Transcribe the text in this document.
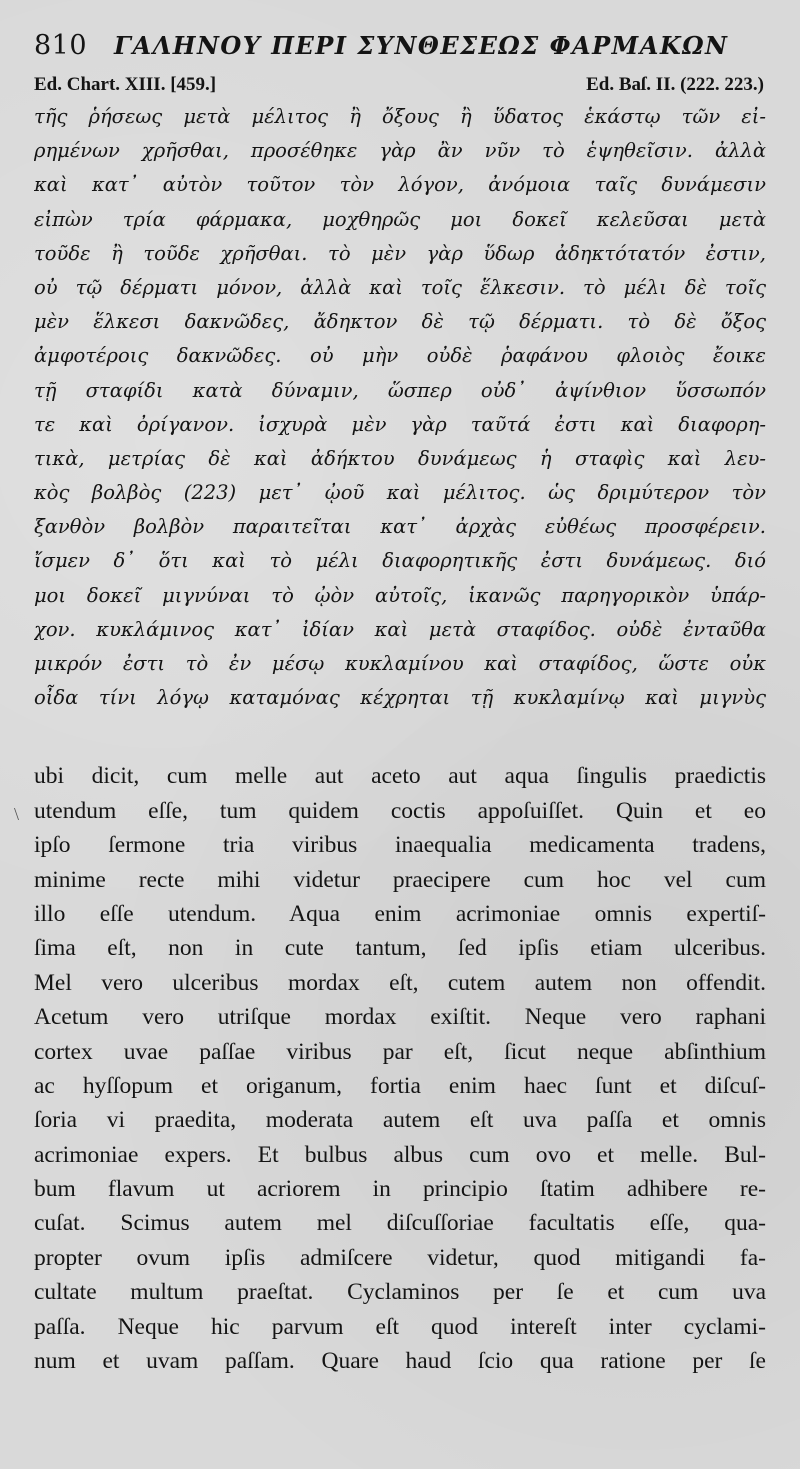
\
810	ΓΑΛΗΝΟΥ ΠΕΡΙ ΣΥΝΘΕΣΕΩΣ ΦΑΡΜΑΚΩΝ
Ed. Chart. XIII. [459.]	Ed. Baſ. II. (222. 223.)
τῆς ῥήσεως μετὰ μέλιτος ἢ ὄξους ἢ ὕδατος ἑκάστῳ τῶν εἰ-
ρημένων χρῆσθαι, προσέθηκε γὰρ ἂν νῦν τὸ ἑψηθεῖσιν. ἀλλὰ
καὶ κατ᾽ αὐτὸν τοῦτον τὸν λόγον, ἀνόμοια ταῖς δυνάμεσιν
εἰπὼν τρία φάρμακα, μοχθηρῶς μοι δοκεῖ κελεῦσαι μετὰ
τοῦδε ἢ τοῦδε χρῆσθαι. τὸ μὲν γὰρ ὕδωρ ἀδηκτότατόν ἐστιν,
οὐ τῷ δέρματι μόνον, ἀλλὰ καὶ τοῖς ἕλκεσιν. τὸ μέλι δὲ τοῖς
μὲν ἕλκεσι δακνῶδες, ἄδηκτον δὲ τῷ δέρματι. τὸ δὲ ὄξος
ἀμφοτέροις δακνῶδες. οὐ μὴν οὐδὲ ῥαφάνου φλοιὸς ἔοικε
τῇ σταφίδι κατὰ δύναμιν, ὥσπερ οὐδ᾽ ἀψίνθιον ὕσσωπόν
τε καὶ ὀρίγανον. ἰσχυρὰ μὲν γὰρ ταῦτά ἐστι καὶ διαφορη-
τικὰ, μετρίας δὲ καὶ ἀδήκτου δυνάμεως ἡ σταφὶς καὶ λευ-
κὸς βολβὸς (223) μετ᾽ ᾠοῦ καὶ μέλιτος. ὡς δριμύτερον τὸν
ξανθὸν βολβὸν παραιτεῖται κατ᾽ ἀρχὰς εὐθέως προσφέρειν.
ἴσμεν δ᾽ ὅτι καὶ τὸ μέλι διαφορητικῆς ἐστι δυνάμεως. διό
μοι δοκεῖ μιγνύναι τὸ ᾠὸν αὐτοῖς, ἱκανῶς παρηγορικὸν ὑπάρ-
χον. κυκλάμινος κατ᾽ ἰδίαν καὶ μετὰ σταφίδος. οὐδὲ ἐνταῦθα
μικρόν ἐστι τὸ ἐν μέσῳ κυκλαμίνου καὶ σταφίδος, ὥστε οὐκ
οἶδα τίνι λόγῳ καταμόνας κέχρηται τῇ κυκλαμίνῳ καὶ μιγνὺς
ubi dicit, cum melle aut aceto aut aqua ſingulis praedictis
utendum eſſe, tum quidem coctis appoſuiſſet. Quin et eo
ipſo ſermone tria viribus inaequalia medicamenta tradens,
minime recte mihi videtur praecipere cum hoc vel cum
illo eſſe utendum. Aqua enim acrimoniae omnis expertiſ-
ſima eſt, non in cute tantum, ſed ipſis etiam ulceribus.
Mel vero ulceribus mordax eſt, cutem autem non offendit.
Acetum vero utriſque mordax exiſtit. Neque vero raphani
cortex uvae paſſae viribus par eſt, ſicut neque abſinthium
ac hyſſopum et origanum, fortia enim haec ſunt et diſcuſ-
ſoria vi praedita, moderata autem eſt uva paſſa et omnis
acrimoniae expers. Et bulbus albus cum ovo et melle. Bul-
bum flavum ut acriorem in principio ſtatim adhibere re-
cuſat. Scimus autem mel diſcuſſoriae facultatis eſſe, qua-
propter ovum ipſis admiſcere videtur, quod mitigandi fa-
cultate multum praeſtat. Cyclaminos per ſe et cum uva
paſſa. Neque hic parvum eſt quod intereſt inter cyclami-
num et uvam paſſam. Quare haud ſcio qua ratione per ſe
